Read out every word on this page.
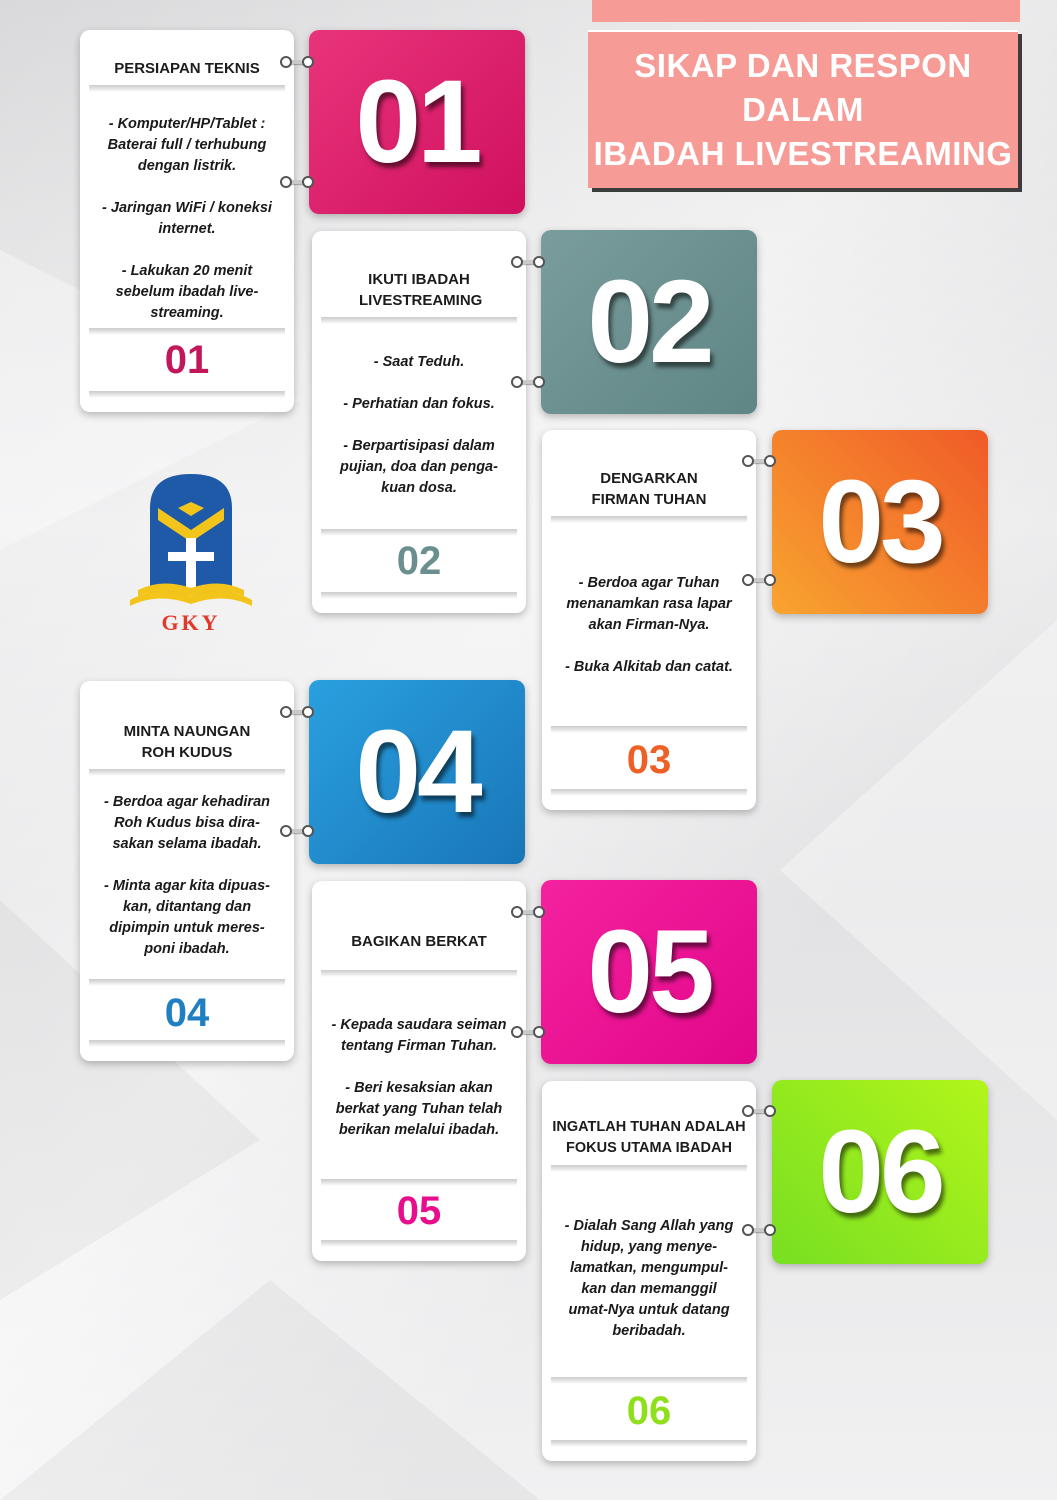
SIKAP DAN RESPON
DALAM
IBADAH LIVESTREAMING
GKY
PERSIAPAN TEKNIS

- Komputer/HP/Tablet : Baterai full / terhubung dengan listrik.

- Jaringan WiFi / koneksi internet.

- Lakukan 20 menit sebelum ibadah live-streaming.

01
01
IKUTI IBADAH LIVESTREAMING

- Saat Teduh.

- Perhatian dan fokus.

- Berpartisipasi dalam pujian, doa dan penga-kuan dosa.

02
02
DENGARKAN FIRMAN TUHAN

- Berdoa agar Tuhan menanamkan rasa lapar akan Firman-Nya.

- Buka Alkitab dan catat.

03
03
MINTA NAUNGAN ROH KUDUS

- Berdoa agar kehadiran Roh Kudus bisa dira-sakan selama ibadah.

- Minta agar kita dipuas-kan, ditantang dan dipimpin untuk meres-poni ibadah.

04
04
BAGIKAN BERKAT

- Kepada saudara seiman tentang Firman Tuhan.

- Beri kesaksian akan berkat yang Tuhan telah berikan melalui ibadah.

05
05
INGATLAH TUHAN ADALAH FOKUS UTAMA IBADAH

- Dialah Sang Allah yang hidup, yang menye-lamatkan, mengumpul-kan dan memanggil umat-Nya untuk datang beribadah.

06
06
